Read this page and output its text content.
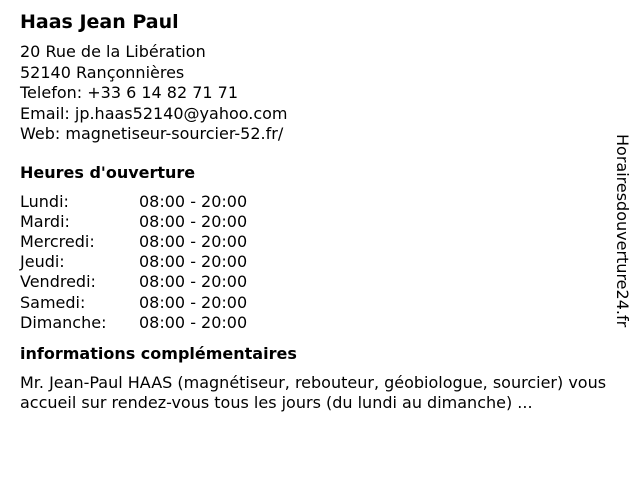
Haas Jean Paul
20 Rue de la Libération
52140 Rançonnières
Telefon: +33 6 14 82 71 71
Email: jp.haas52140@yahoo.com
Web: magnetiseur-sourcier-52.fr/
Heures d'ouverture
Lundi:	08:00 - 20:00
Mardi:	08:00 - 20:00
Mercredi:	08:00 - 20:00
Jeudi:	08:00 - 20:00
Vendredi:	08:00 - 20:00
Samedi:	08:00 - 20:00
Dimanche:	08:00 - 20:00
informations complémentaires
Mr. Jean-Paul HAAS (magnétiseur, rebouteur, géobiologue, sourcier) vous accueil sur rendez-vous tous les jours (du lundi au dimanche) ...
Horairesdouverture24.fr
